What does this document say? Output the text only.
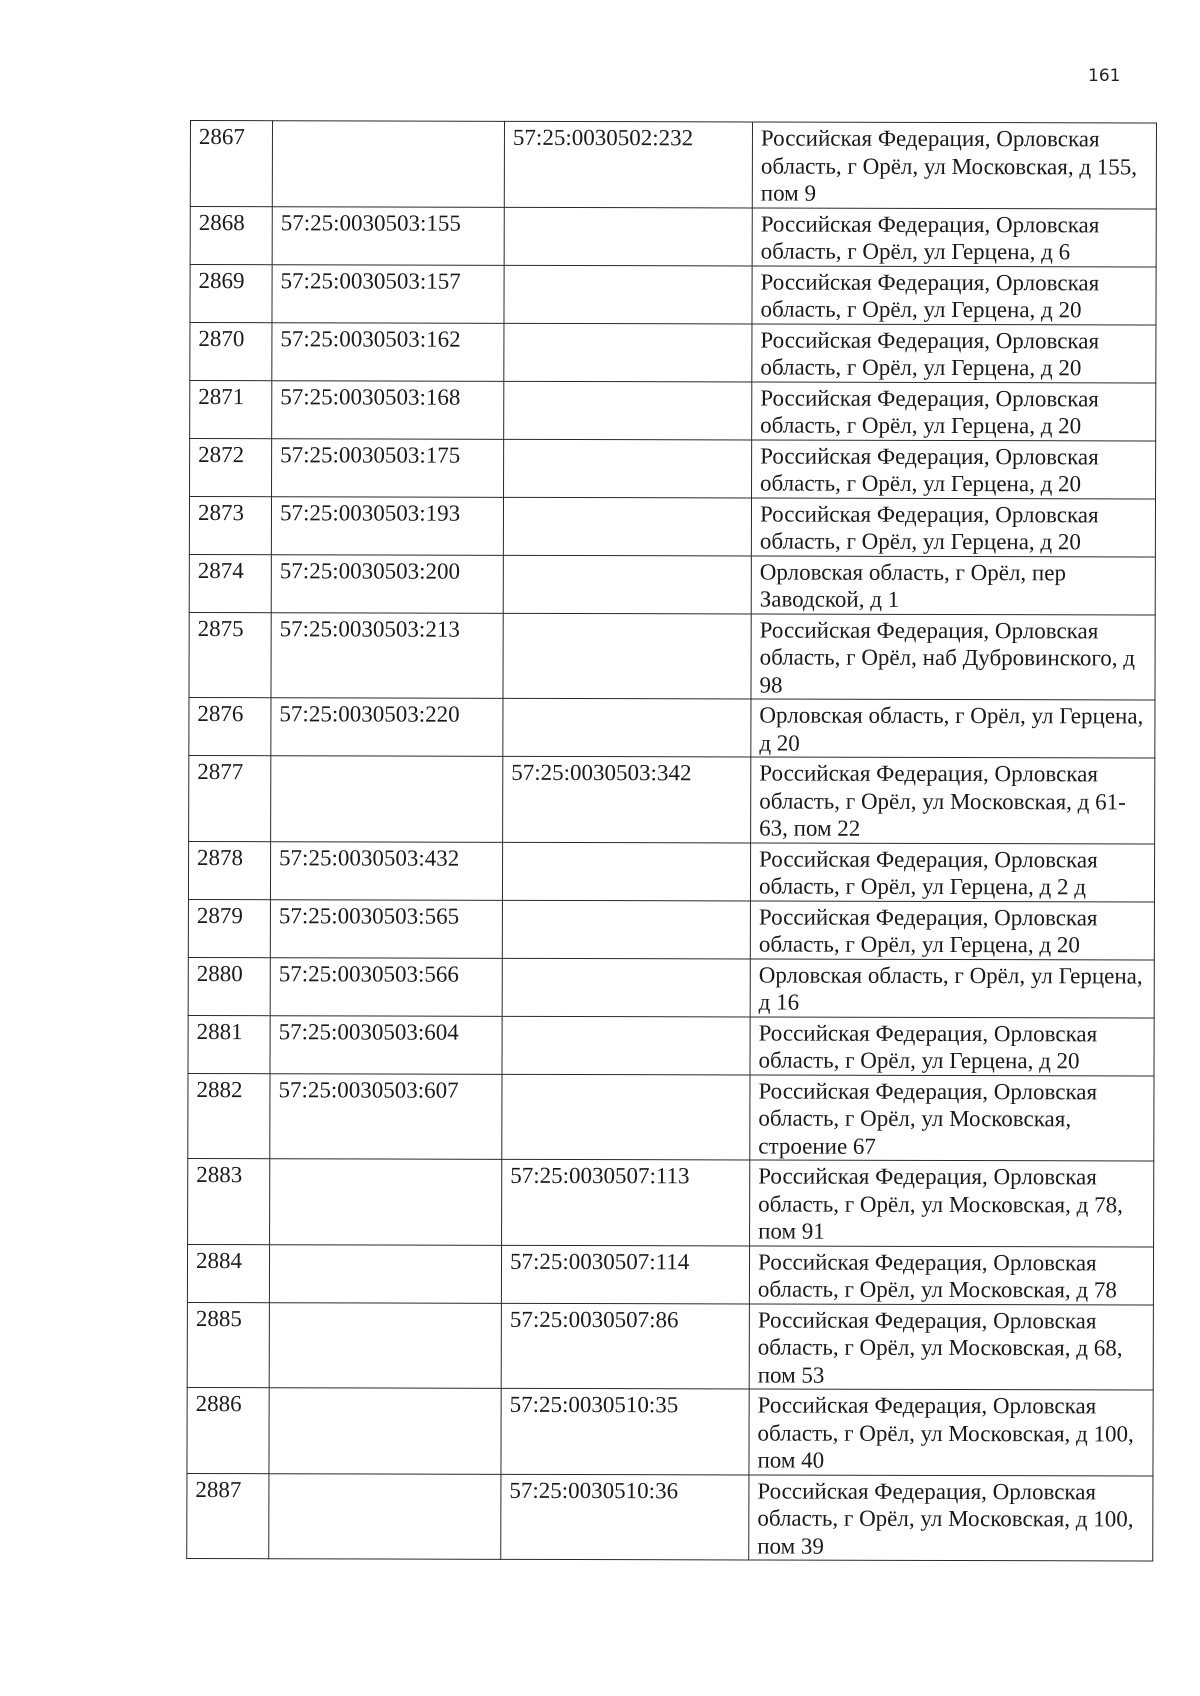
161
2867		57:25:0030502:232	Российская Федерация, Орловская область, г Орёл, ул Московская, д 155, пом 9
2868	57:25:0030503:155		Российская Федерация, Орловская область, г Орёл, ул Герцена, д 6
2869	57:25:0030503:157		Российская Федерация, Орловская область, г Орёл, ул Герцена, д 20
2870	57:25:0030503:162		Российская Федерация, Орловская область, г Орёл, ул Герцена, д 20
2871	57:25:0030503:168		Российская Федерация, Орловская область, г Орёл, ул Герцена, д 20
2872	57:25:0030503:175		Российская Федерация, Орловская область, г Орёл, ул Герцена, д 20
2873	57:25:0030503:193		Российская Федерация, Орловская область, г Орёл, ул Герцена, д 20
2874	57:25:0030503:200		Орловская область, г Орёл, пер Заводской, д 1
2875	57:25:0030503:213		Российская Федерация, Орловская область, г Орёл, наб Дубровинского, д 98
2876	57:25:0030503:220		Орловская область, г Орёл, ул Герцена, д 20
2877		57:25:0030503:342	Российская Федерация, Орловская область, г Орёл, ул Московская, д 61-63, пом 22
2878	57:25:0030503:432		Российская Федерация, Орловская область, г Орёл, ул Герцена, д 2 д
2879	57:25:0030503:565		Российская Федерация, Орловская область, г Орёл, ул Герцена, д 20
2880	57:25:0030503:566		Орловская область, г Орёл, ул Герцена, д 16
2881	57:25:0030503:604		Российская Федерация, Орловская область, г Орёл, ул Герцена, д 20
2882	57:25:0030503:607		Российская Федерация, Орловская область, г Орёл, ул Московская, строение 67
2883		57:25:0030507:113	Российская Федерация, Орловская область, г Орёл, ул Московская, д 78, пом 91
2884		57:25:0030507:114	Российская Федерация, Орловская область, г Орёл, ул Московская, д 78
2885		57:25:0030507:86	Российская Федерация, Орловская область, г Орёл, ул Московская, д 68, пом 53
2886		57:25:0030510:35	Российская Федерация, Орловская область, г Орёл, ул Московская, д 100, пом 40
2887		57:25:0030510:36	Российская Федерация, Орловская область, г Орёл, ул Московская, д 100, пом 39
